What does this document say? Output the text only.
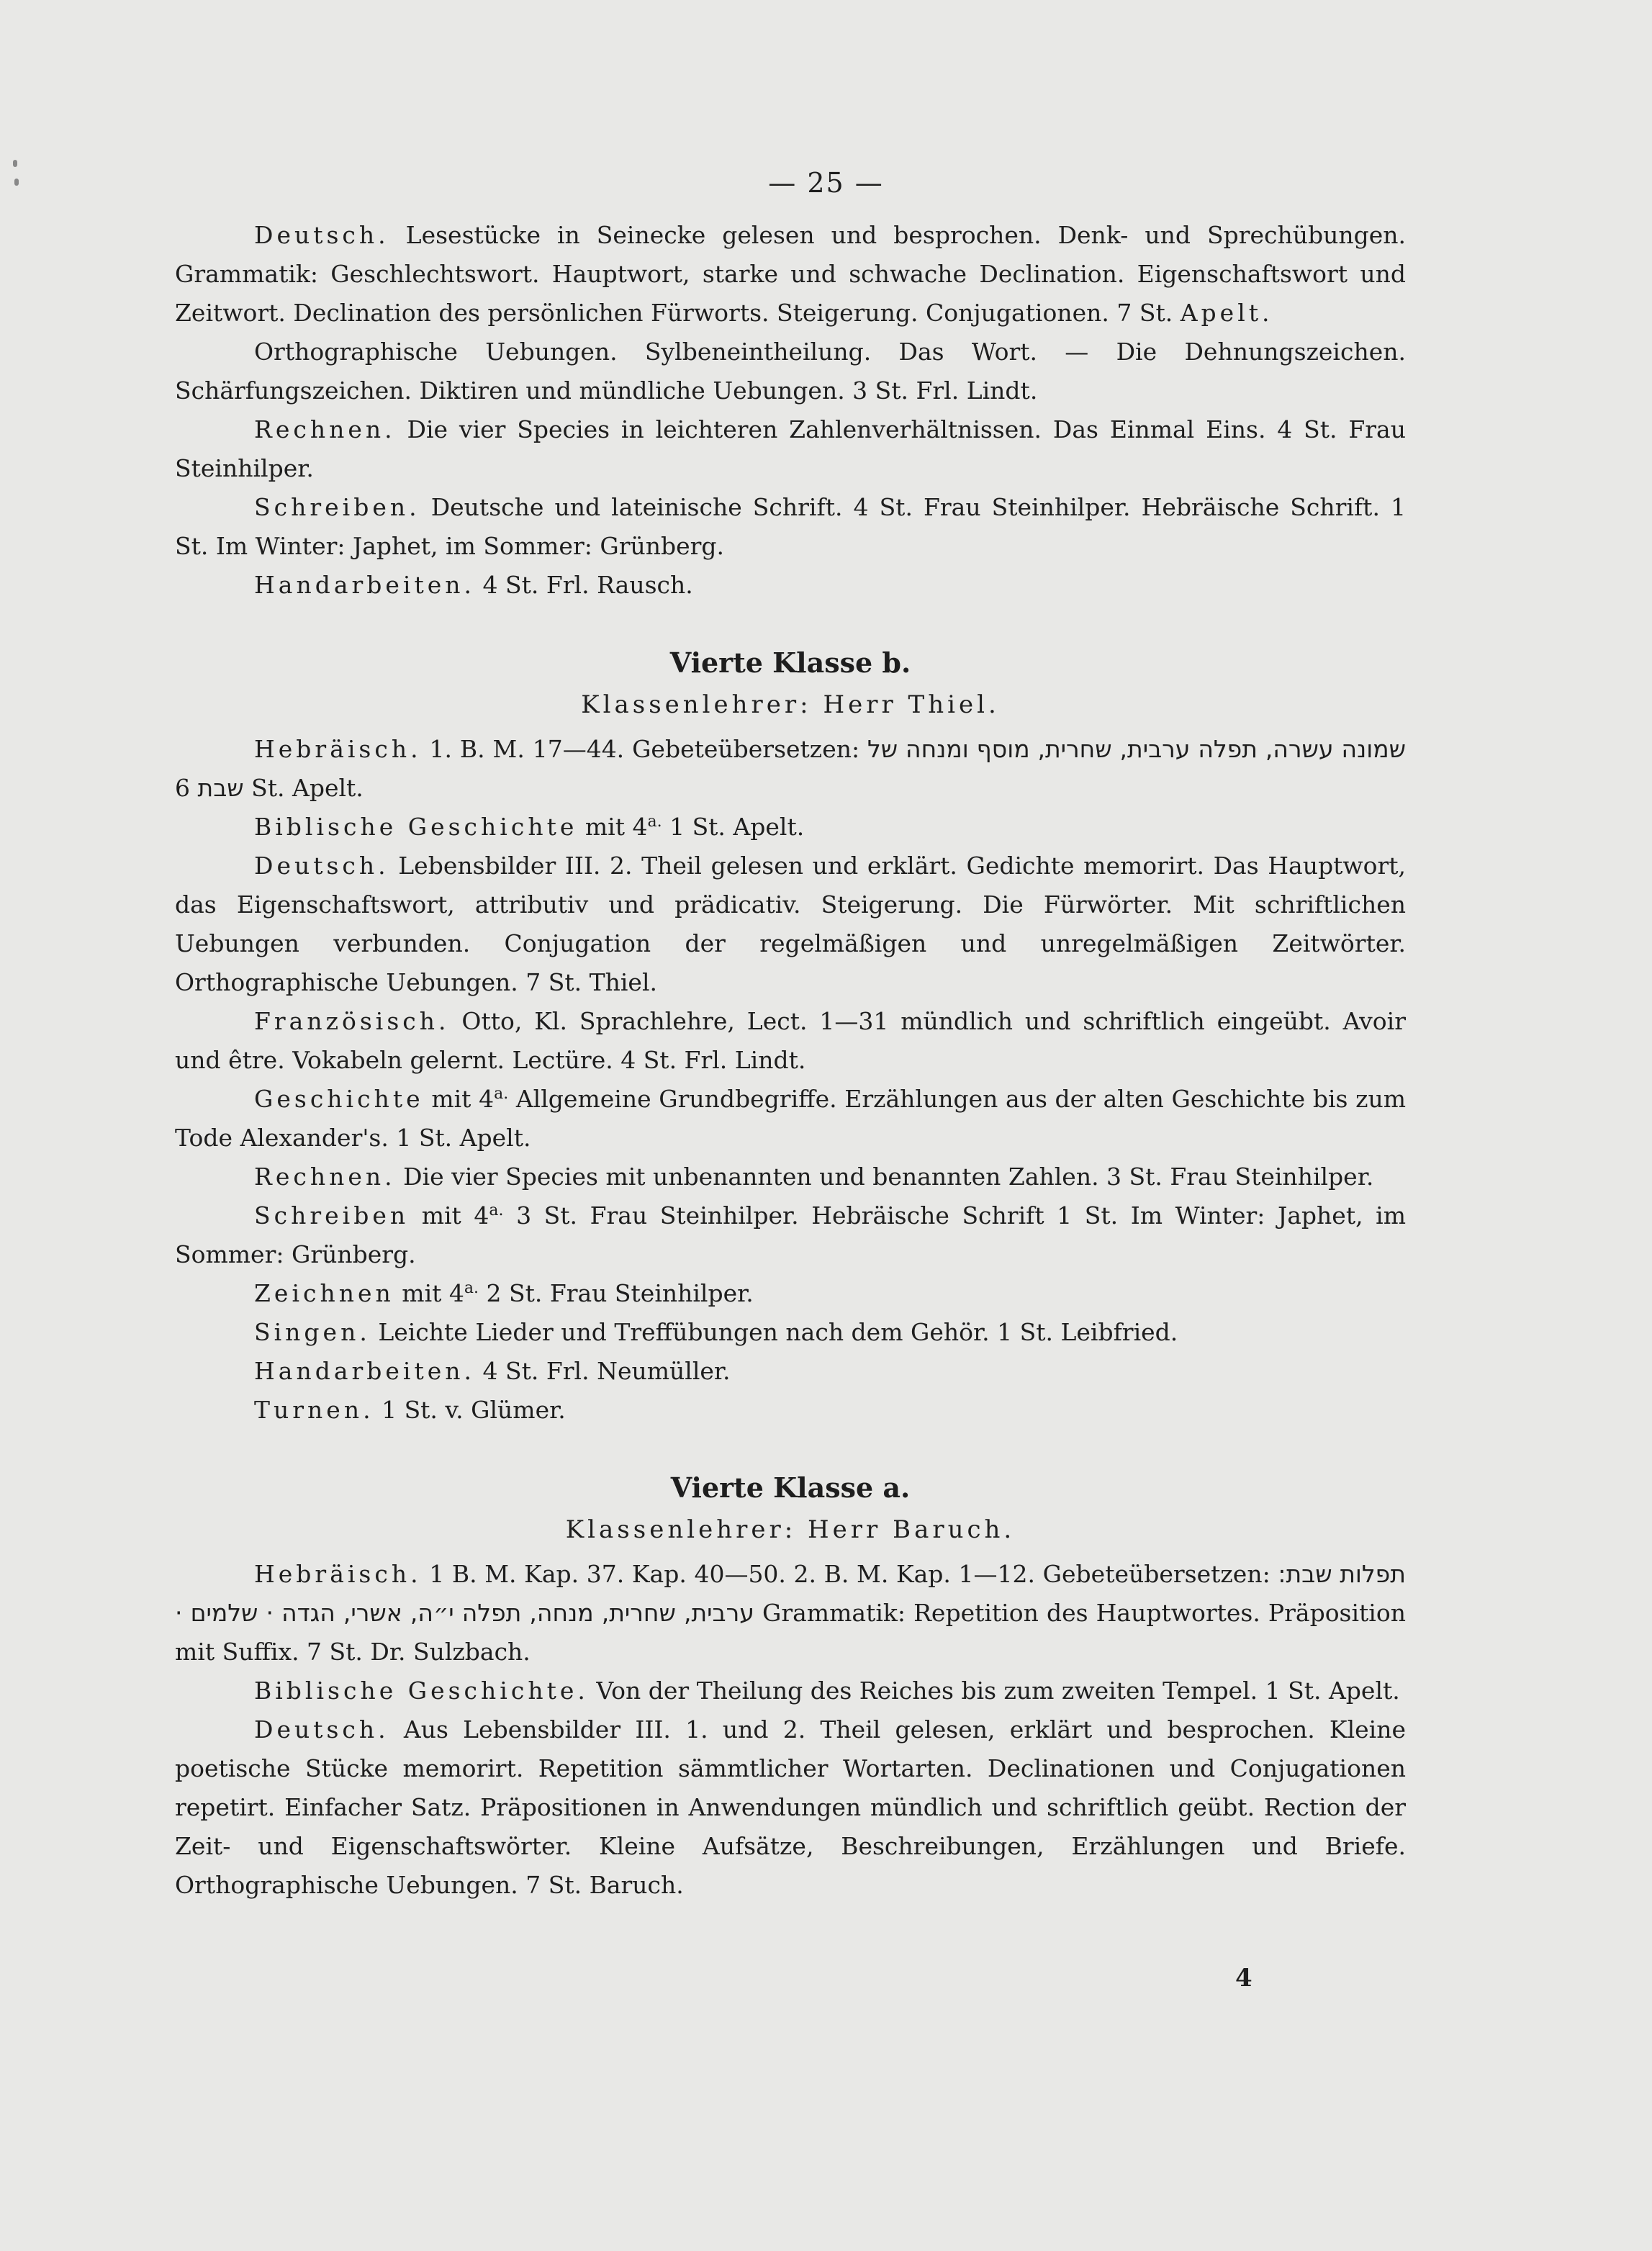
— 25 —

Deutsch. Lesestücke in Seinecke gelesen und besprochen. Denk- und Sprechübungen. Grammatik: Geschlechtswort. Hauptwort, starke und schwache Declination. Eigenschaftswort und Zeitwort. Declination des persönlichen Fürworts. Steigerung. Conjugationen. 7 St. Apelt.

Orthographische Uebungen. Sylbeneintheilung. Das Wort. — Die Dehnungszeichen. Schärfungszeichen. Diktiren und mündliche Uebungen. 3 St. Frl. Lindt.

Rechnen. Die vier Species in leichteren Zahlenverhältnissen. Das Einmal Eins. 4 St. Frau Steinhilper.

Schreiben. Deutsche und lateinische Schrift. 4 St. Frau Steinhilper. Hebräische Schrift. 1 St. Im Winter: Japhet, im Sommer: Grünberg.

Handarbeiten. 4 St. Frl. Rausch.

Vierte Klasse b.
Klassenlehrer: Herr Thiel.

Hebräisch. 1. B. M. 17—44. Gebeteübersetzen: שמונה עשרה, תפלה ערבית, שחרית, מוסף ומנחה של שבת 6 St. Apelt.

Biblische Geschichte mit $4^{a.}$ 1 St. Apelt.

Deutsch. Lebensbilder III. 2. Theil gelesen und erklärt. Gedichte memorirt. Das Hauptwort, das Eigenschaftswort, attributiv und prädicativ. Steigerung. Die Fürwörter. Mit schriftlichen Uebungen verbunden. Conjugation der regelmäßigen und unregelmäßigen Zeitwörter. Orthographische Uebungen. 7 St. Thiel.

Französisch. Otto, Kl. Sprachlehre, Lect. 1—31 mündlich und schriftlich eingeübt. Avoir und être. Vokabeln gelernt. Lectüre. 4 St. Frl. Lindt.

Geschichte mit $4^{a.}$ Allgemeine Grundbegriffe. Erzählungen aus der alten Geschichte bis zum Tode Alexander's. 1 St. Apelt.

Rechnen. Die vier Species mit unbenannten und benannten Zahlen. 3 St. Frau Steinhilper.

Schreiben mit $4^{a.}$ 3 St. Frau Steinhilper. Hebräische Schrift 1 St. Im Winter: Japhet, im Sommer: Grünberg.

Zeichnen mit $4^{a.}$ 2 St. Frau Steinhilper.

Singen. Leichte Lieder und Treffübungen nach dem Gehör. 1 St. Leibfried.

Handarbeiten. 4 St. Frl. Neumüller.

Turnen. 1 St. v. Glümer.

Vierte Klasse a.
Klassenlehrer: Herr Baruch.

Hebräisch. 1 B. M. Kap. 37. Kap. 40—50. 2. B. M. Kap. 1—12. Gebeteübersetzen: תפלות שבת: ערבית, שחרית, מנחה, תפלה י״ה, אשרי, הגדה · שלמים · Grammatik: Repetition des Hauptwortes. Präposition mit Suffix. 7 St. Dr. Sulzbach.

Biblische Geschichte. Von der Theilung des Reiches bis zum zweiten Tempel. 1 St. Apelt.

Deutsch. Aus Lebensbilder III. 1. und 2. Theil gelesen, erklärt und besprochen. Kleine poetische Stücke memorirt. Repetition sämmtlicher Wortarten. Declinationen und Conjugationen repetirt. Einfacher Satz. Präpositionen in Anwendungen mündlich und schriftlich geübt. Rection der Zeit- und Eigenschaftswörter. Kleine Aufsätze, Beschreibungen, Erzählungen und Briefe. Orthographische Uebungen. 7 St. Baruch.

4
